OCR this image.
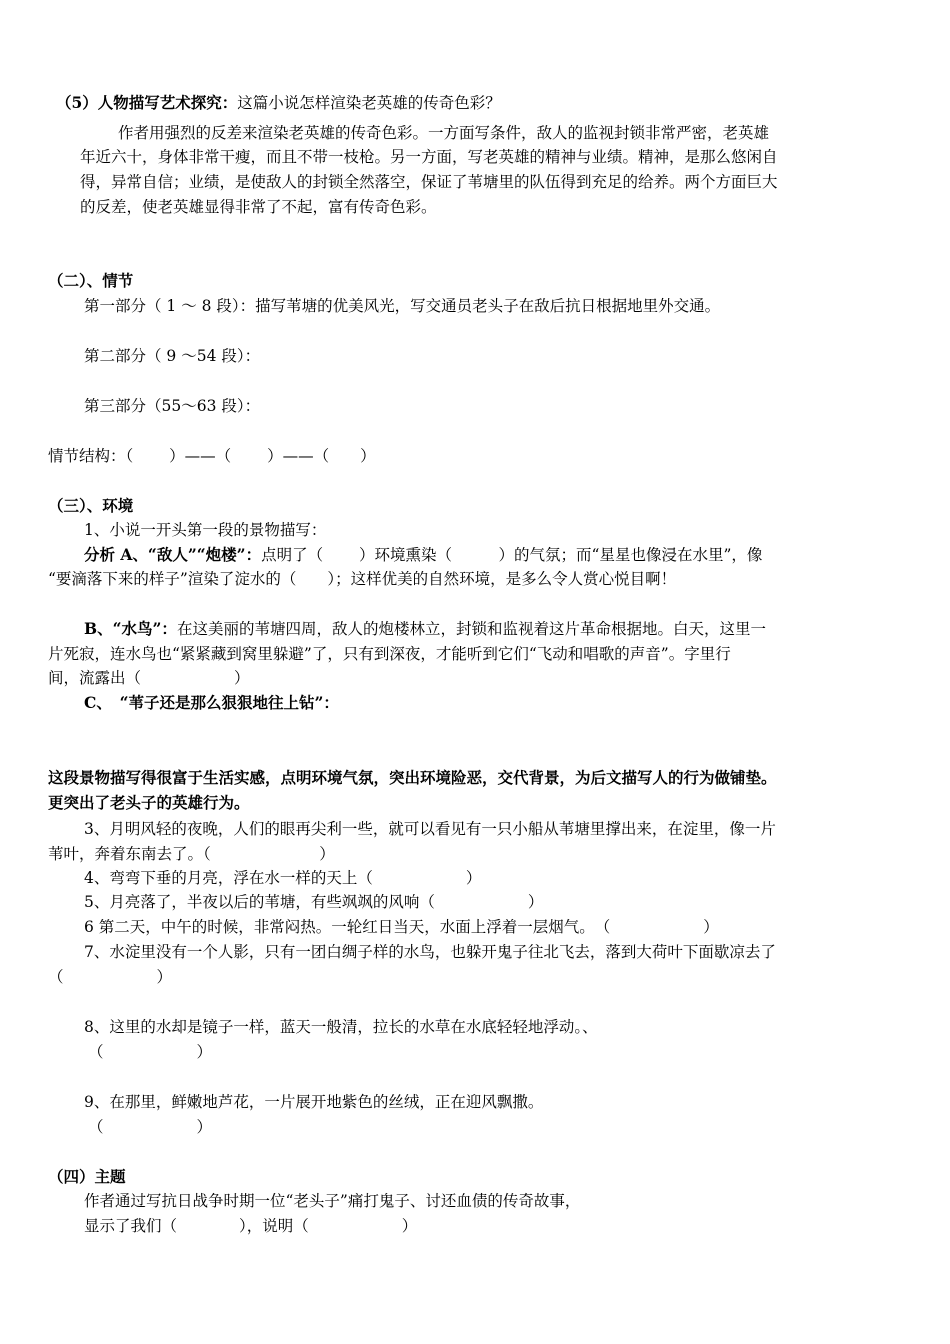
（5）人物描写艺术探究：这篇小说怎样渲染老英雄的传奇色彩？
作者用强烈的反差来渲染老英雄的传奇色彩。一方面写条件，敌人的监视封锁非常严密，老英雄
年近六十，身体非常干瘦，而且不带一枝枪。另一方面，写老英雄的精神与业绩。精神，是那么悠闲自
得，异常自信；业绩，是使敌人的封锁全然落空，保证了苇塘里的队伍得到充足的给养。两个方面巨大
的反差，使老英雄显得非常了不起，富有传奇色彩。
（二）、情节
第一部分（ 1 ～ 8 段）：描写苇塘的优美风光，写交通员老头子在敌后抗日根据地里外交通。
第二部分（ 9 ～54 段）：
第三部分（55～63 段）：
情节结构：（　　 ）——（　　 ）——（　　）
（三）、环境
1、小说一开头第一段的景物描写：
分析 A、“敌人”“炮楼”：点明了（　　 ）环境熏染（　　　）的气氛；而“星星也像浸在水里”，像
“要滴落下来的样子”渲染了淀水的（　　）；这样优美的自然环境，是多么令人赏心悦目啊！
B、“水鸟”：在这美丽的苇塘四周，敌人的炮楼林立，封锁和监视着这片革命根据地。白天，这里一
片死寂，连水鸟也“紧紧藏到窝里躲避”了，只有到深夜，才能听到它们“飞动和唱歌的声音”。字里行
间，流露出（　　　　　　）
C、　“苇子还是那么狠狠地往上钻”：
这段景物描写得很富于生活实感，点明环境气氛，突出环境险恶，交代背景，为后文描写人的行为做铺垫。
更突出了老头子的英雄行为。
3、月明风轻的夜晚，人们的眼再尖利一些，就可以看见有一只小船从苇塘里撑出来，在淀里，像一片
苇叶，奔着东南去了。（　　　　　　　）
4、弯弯下垂的月亮，浮在水一样的天上（　　　　　　）
5、月亮落了，半夜以后的苇塘，有些飒飒的风响（　　　　　　）
6 第二天，中午的时候，非常闷热。一轮红日当天，水面上浮着一层烟气。　（　　　　　　）
7、水淀里没有一个人影，只有一团白绸子样的水鸟，也躲开鬼子往北飞去，落到大荷叶下面歇凉去了
（　　　　　　）
8、这里的水却是镜子一样，蓝天一般清，拉长的水草在水底轻轻地浮动。、
（　　　　　　）
9、在那里，鲜嫩地芦花，一片展开地紫色的丝绒，正在迎风飘撒。
（　　　　　　）
（四）主题
作者通过写抗日战争时期一位“老头子”痛打鬼子、讨还血债的传奇故事，
显示了我们（　　　　），说明（　　　　　　）
